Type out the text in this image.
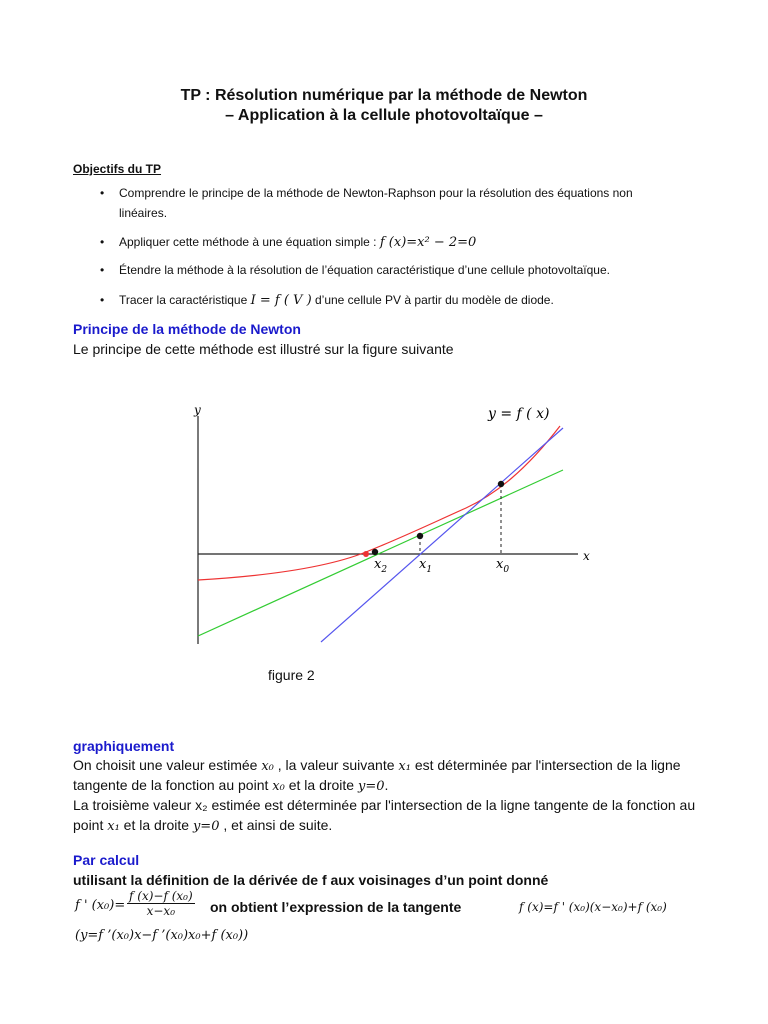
TP : Résolution numérique par la méthode de Newton
– Application à la cellule photovoltaïque –
Objectifs du TP
• Comprendre le principe de la méthode de Newton-Raphson pour la résolution des équations non linéaires.
• Appliquer cette méthode à une équation simple : f (x)=x² − 2=0
• Étendre la méthode à la résolution de l’équation caractéristique d’une cellule photovoltaïque.
• Tracer la caractéristique I = f ( V ) d’une cellule PV à partir du modèle de diode.
Principe de la méthode de Newton
Le principe de cette méthode est illustré sur la figure suivante
y
x
$x_2$ $x_1$	$x_0$
y = f ( x)
figure 2
graphiquement
On choisit une valeur estimée x₀ , la valeur suivante x₁ est déterminée par l'intersection de la ligne
tangente de la fonction au point x₀ et la droite y=0.
La troisième valeur x₂ estimée est déterminée par l'intersection de la ligne tangente de la fonction au
point x₁ et la droite y=0 , et ainsi de suite.
Par calcul
utilisant la définition de la dérivée de f aux voisinages d’un point donné
f ' $(x_0)= \frac{\text{f (x)−f (x₀)}}{\text{x−x₀}}$ on obtient l’expression de la tangente	f (x)=f ' (x₀)(x−x₀)+f (x₀)
(y=f ’(x₀)x−f ’(x₀)x₀+f (x₀))
